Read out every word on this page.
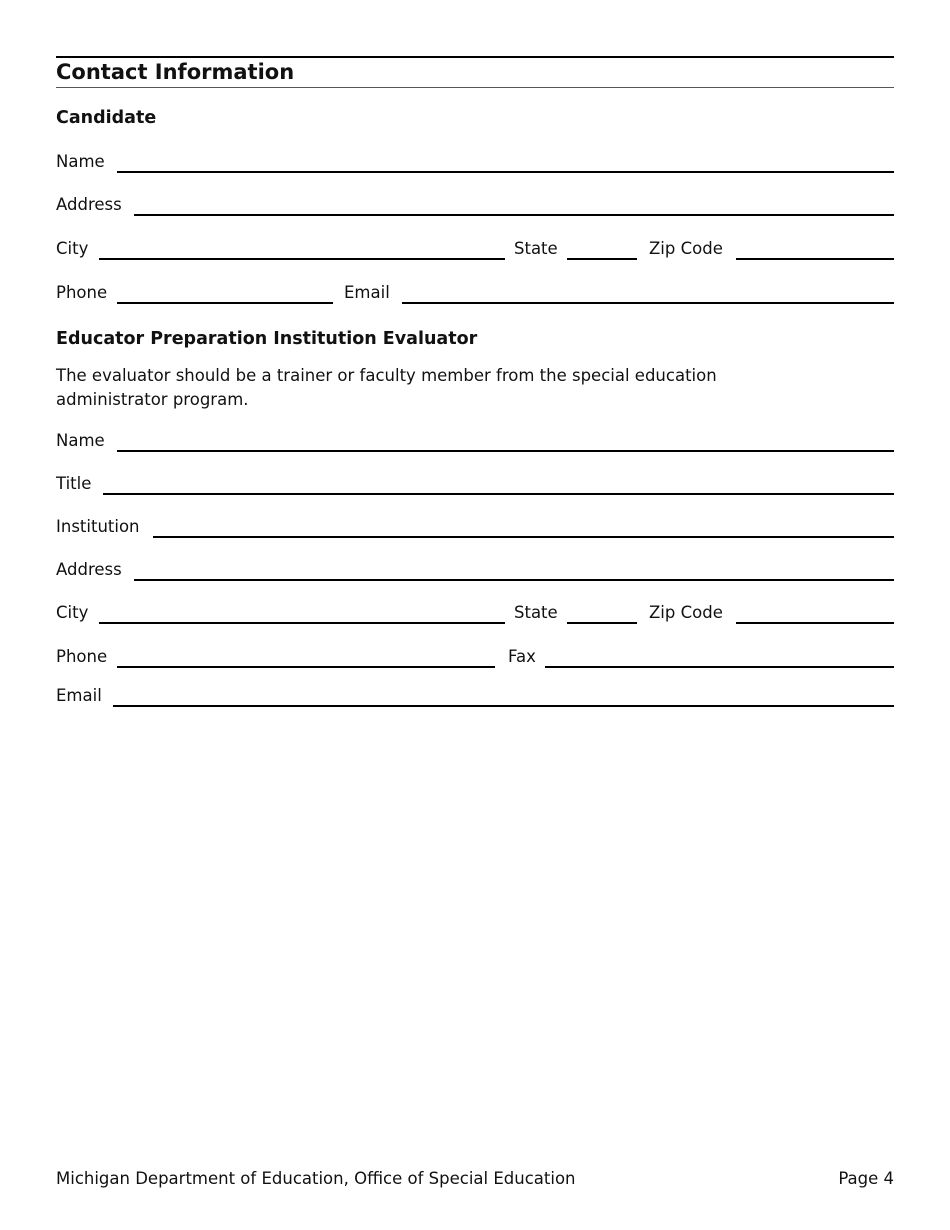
Contact Information
Candidate
Name
Address
City	State	Zip Code
Phone	Email
Educator Preparation Institution Evaluator
The evaluator should be a trainer or faculty member from the special education administrator program.
Name
Title
Institution
Address
City	State	Zip Code
Phone	Fax
Email
Michigan Department of Education, Office of Special Education	Page 4
